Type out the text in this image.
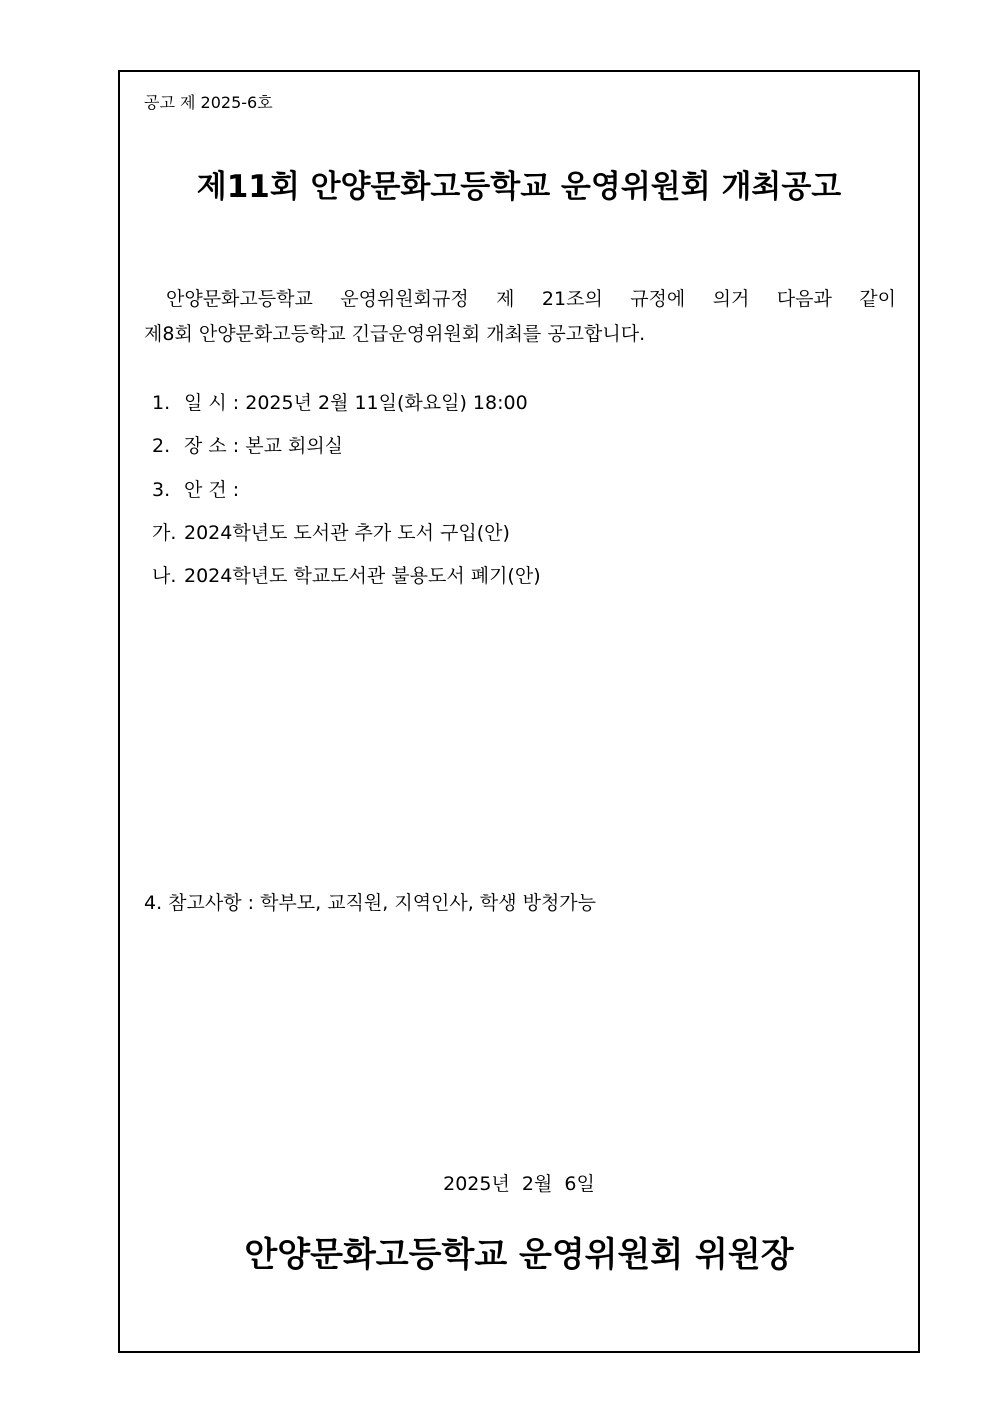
공고 제 2025-6호
제11회 안양문화고등학교 운영위원회 개최공고
안양문화고등학교 운영위원회규정 제 21조의 규정에 의거 다음과 같이
제8회 안양문화고등학교 긴급운영위원회 개최를 공고합니다.
1. 일 시 : 2025년 2월 11일(화요일) 18:00
2. 장 소 : 본교 회의실
3. 안 건 :
가. 2024학년도 도서관 추가 도서 구입(안)
나. 2024학년도 학교도서관 불용도서 폐기(안)
4. 참고사항 : 학부모, 교직원, 지역인사, 학생 방청가능
2025년  2월  6일
안양문화고등학교 운영위원회 위원장
